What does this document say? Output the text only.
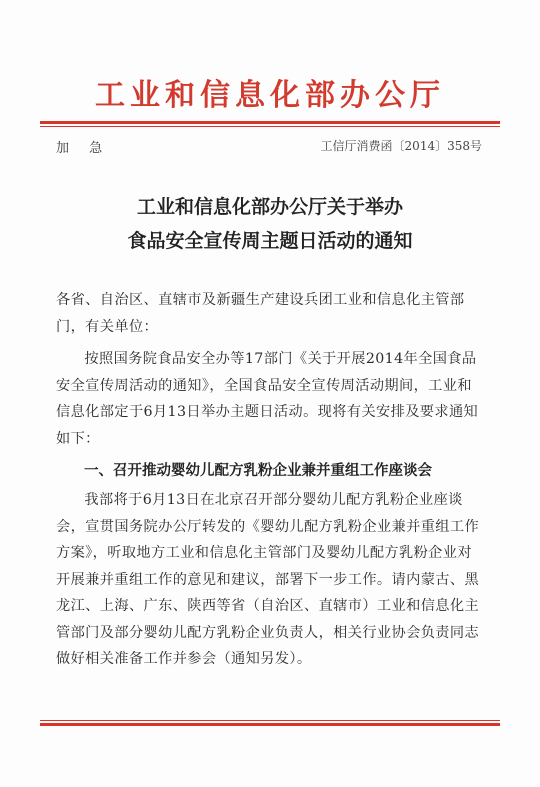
工业和信息化部办公厅
加 急	工信厅消费函〔2014〕358号
工业和信息化部办公厅关于举办
食品安全宣传周主题日活动的通知
各省、自治区、直辖市及新疆生产建设兵团工业和信息化主管部门，有关单位：
按照国务院食品安全办等17部门《关于开展2014年全国食品安全宣传周活动的通知》，全国食品安全宣传周活动期间，工业和信息化部定于6月13日举办主题日活动。现将有关安排及要求通知如下：
一、召开推动婴幼儿配方乳粉企业兼并重组工作座谈会
我部将于6月13日在北京召开部分婴幼儿配方乳粉企业座谈会，宣贯国务院办公厅转发的《婴幼儿配方乳粉企业兼并重组工作方案》，听取地方工业和信息化主管部门及婴幼儿配方乳粉企业对开展兼并重组工作的意见和建议，部署下一步工作。请内蒙古、黑龙江、上海、广东、陕西等省（自治区、直辖市）工业和信息化主管部门及部分婴幼儿配方乳粉企业负责人，相关行业协会负责同志做好相关准备工作并参会（通知另发）。
